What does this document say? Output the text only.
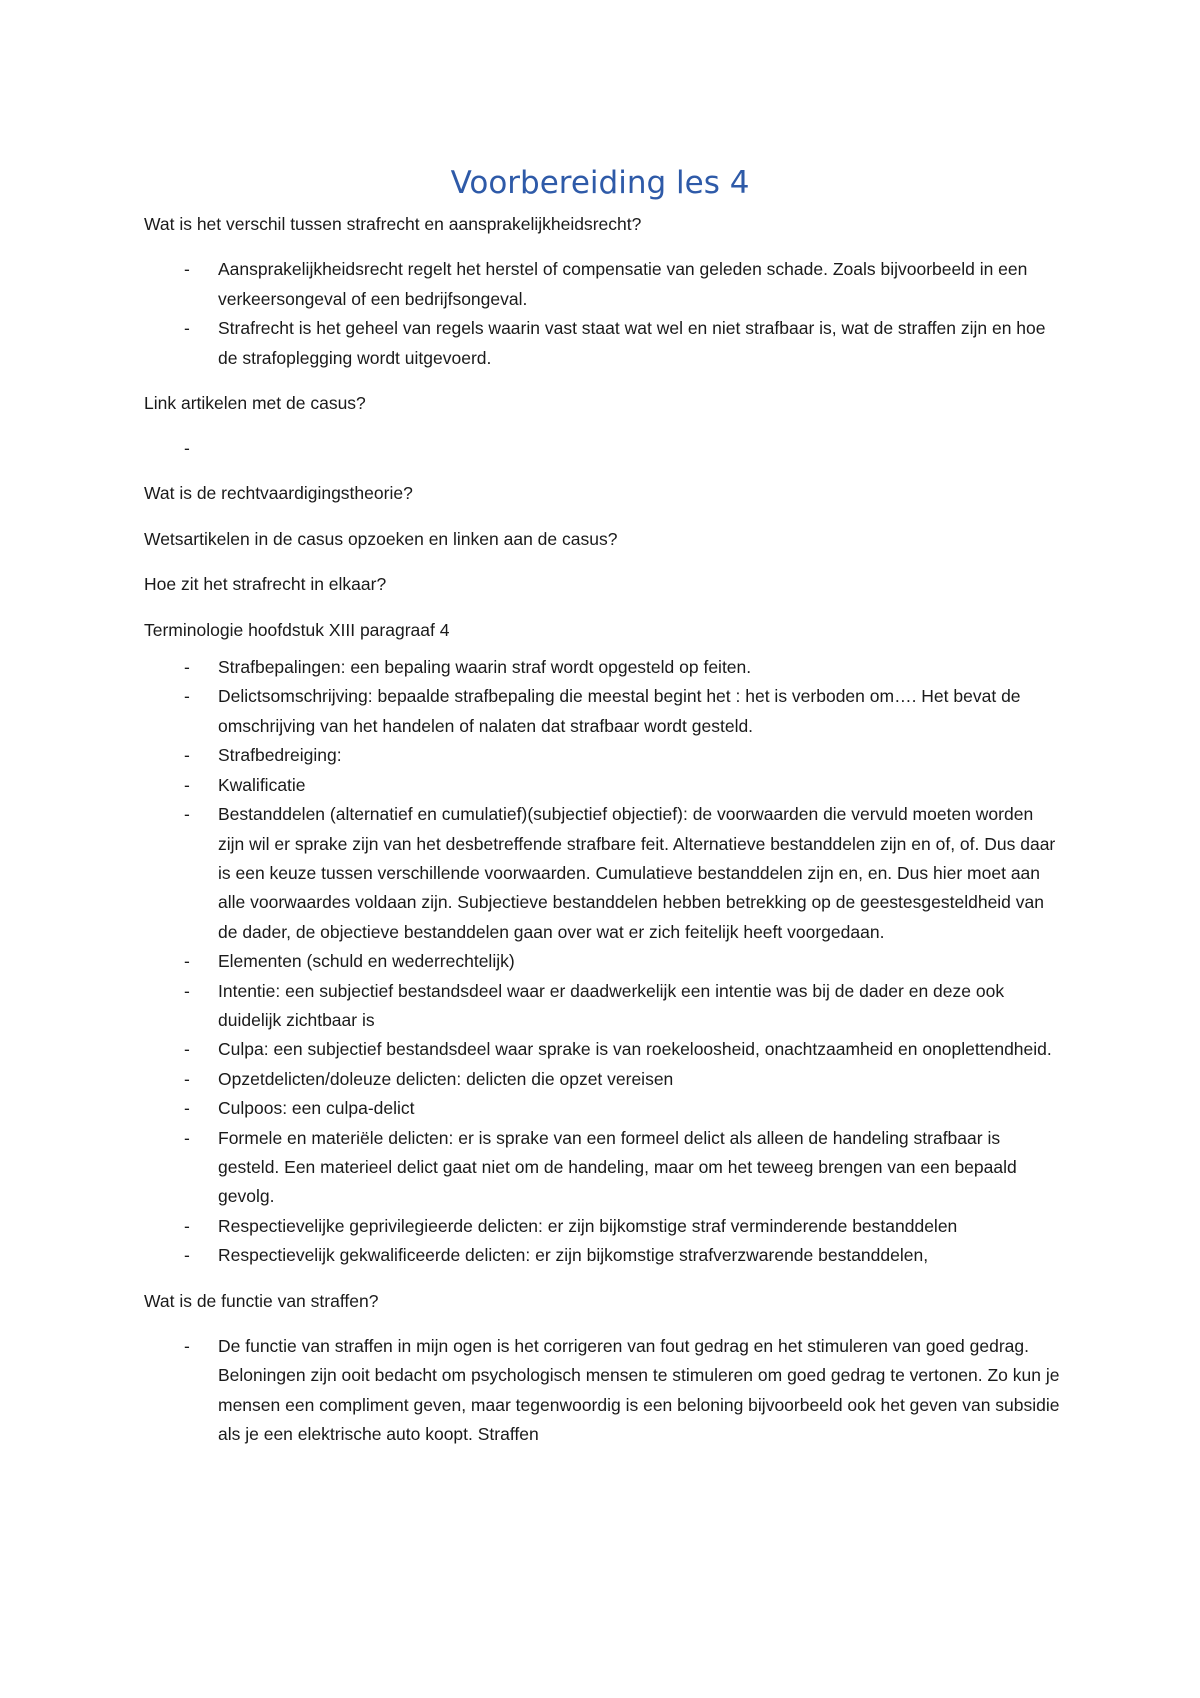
Voorbereiding les 4

Wat is het verschil tussen strafrecht en aansprakelijkheidsrecht?

- Aansprakelijkheidsrecht regelt het herstel of compensatie van geleden schade. Zoals bijvoorbeeld in een verkeersongeval of een bedrijfsongeval.
- Strafrecht is het geheel van regels waarin vast staat wat wel en niet strafbaar is, wat de straffen zijn en hoe de strafoplegging wordt uitgevoerd.

Link artikelen met de casus?

-

Wat is de rechtvaardigingstheorie?

Wetsartikelen in de casus opzoeken en linken aan de casus?

Hoe zit het strafrecht in elkaar?

Terminologie hoofdstuk XIII paragraaf 4

- Strafbepalingen: een bepaling waarin straf wordt opgesteld op feiten.
- Delictsomschrijving: bepaalde strafbepaling die meestal begint het : het is verboden om…. Het bevat de omschrijving van het handelen of nalaten dat strafbaar wordt gesteld.
- Strafbedreiging:
- Kwalificatie
- Bestanddelen (alternatief en cumulatief)(subjectief objectief): de voorwaarden die vervuld moeten worden zijn wil er sprake zijn van het desbetreffende strafbare feit. Alternatieve bestanddelen zijn en of, of. Dus daar is een keuze tussen verschillende voorwaarden. Cumulatieve bestanddelen zijn en, en. Dus hier moet aan alle voorwaardes voldaan zijn. Subjectieve bestanddelen hebben betrekking op de geestesgesteldheid van de dader, de objectieve bestanddelen gaan over wat er zich feitelijk heeft voorgedaan.
- Elementen (schuld en wederrechtelijk)
- Intentie: een subjectief bestandsdeel waar er daadwerkelijk een intentie was bij de dader en deze ook duidelijk zichtbaar is
- Culpa: een subjectief bestandsdeel waar sprake is van roekeloosheid, onachtzaamheid en onoplettendheid.
- Opzetdelicten/doleuze delicten: delicten die opzet vereisen
- Culpoos: een culpa-delict
- Formele en materiële delicten: er is sprake van een formeel delict als alleen de handeling strafbaar is gesteld. Een materieel delict gaat niet om de handeling, maar om het teweeg brengen van een bepaald gevolg.
- Respectievelijke geprivilegieerde delicten: er zijn bijkomstige straf verminderende bestanddelen
- Respectievelijk gekwalificeerde delicten: er zijn bijkomstige strafverzwarende bestanddelen,

Wat is de functie van straffen?

- De functie van straffen in mijn ogen is het corrigeren van fout gedrag en het stimuleren van goed gedrag. Beloningen zijn ooit bedacht om psychologisch mensen te stimuleren om goed gedrag te vertonen. Zo kun je mensen een compliment geven, maar tegenwoordig is een beloning bijvoorbeeld ook het geven van subsidie als je een elektrische auto koopt. Straffen
